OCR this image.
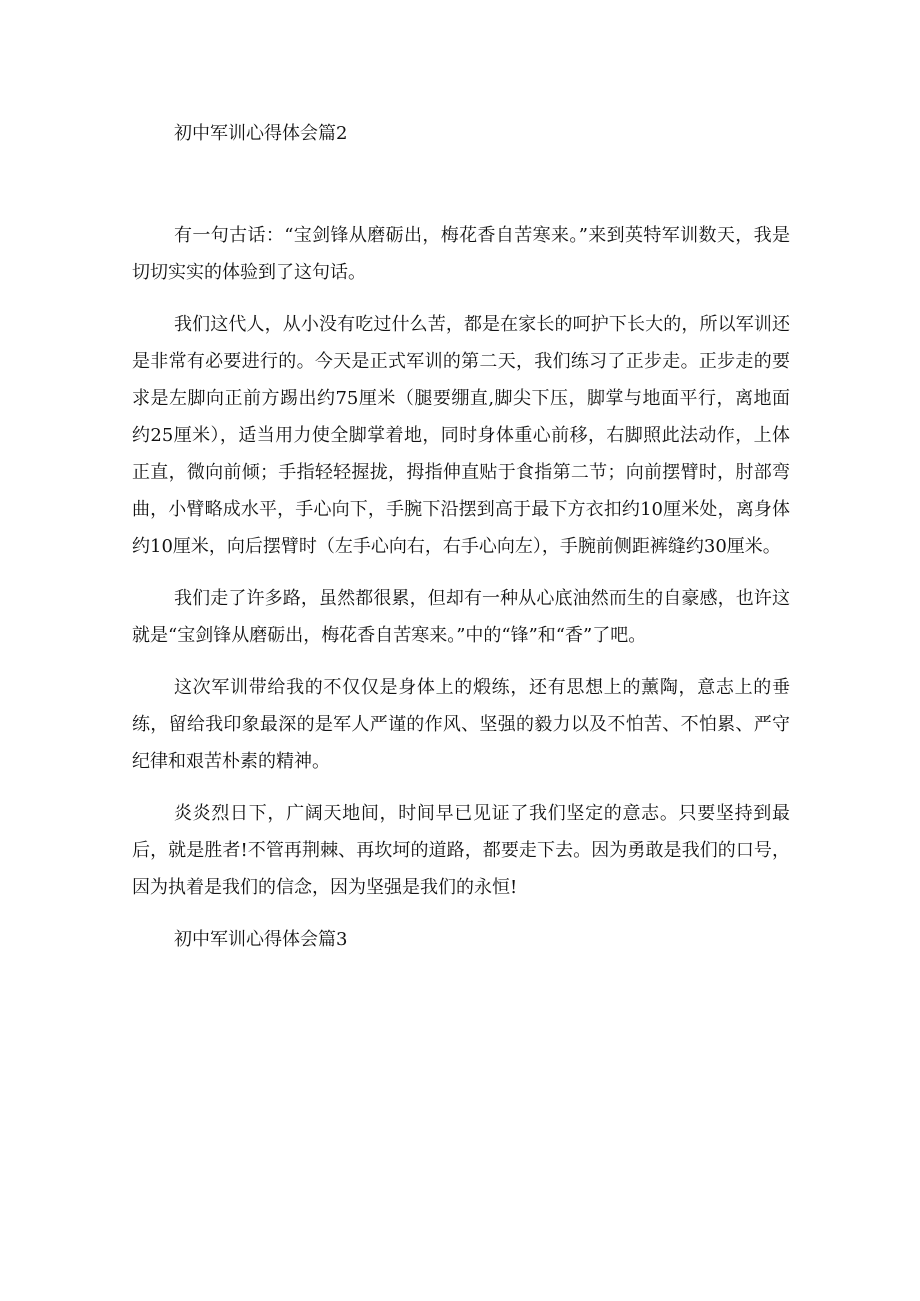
初中军训心得体会篇2

有一句古话：“宝剑锋从磨砺出，梅花香自苦寒来。”来到英特军训数天，我是切切实实的体验到了这句话。

我们这代人，从小没有吃过什么苦，都是在家长的呵护下长大的，所以军训还是非常有必要进行的。今天是正式军训的第二天，我们练习了正步走。正步走的要求是左脚向正前方踢出约75厘米（腿要绷直,脚尖下压，脚掌与地面平行，离地面约25厘米），适当用力使全脚掌着地，同时身体重心前移，右脚照此法动作，上体正直，微向前倾；手指轻轻握拢，拇指伸直贴于食指第二节；向前摆臂时，肘部弯曲，小臂略成水平，手心向下，手腕下沿摆到高于最下方衣扣约10厘米处，离身体约10厘米，向后摆臂时（左手心向右，右手心向左），手腕前侧距裤缝约30厘米。

我们走了许多路，虽然都很累，但却有一种从心底油然而生的自豪感，也许这就是“宝剑锋从磨砺出，梅花香自苦寒来。”中的“锋”和“香”了吧。

这次军训带给我的不仅仅是身体上的煅练，还有思想上的薰陶，意志上的垂练，留给我印象最深的是军人严谨的作风、坚强的毅力以及不怕苦、不怕累、严守纪律和艰苦朴素的精神。

炎炎烈日下，广阔天地间，时间早已见证了我们坚定的意志。只要坚持到最后，就是胜者!不管再荆棘、再坎坷的道路，都要走下去。因为勇敢是我们的口号，因为执着是我们的信念，因为坚强是我们的永恒!

初中军训心得体会篇3
